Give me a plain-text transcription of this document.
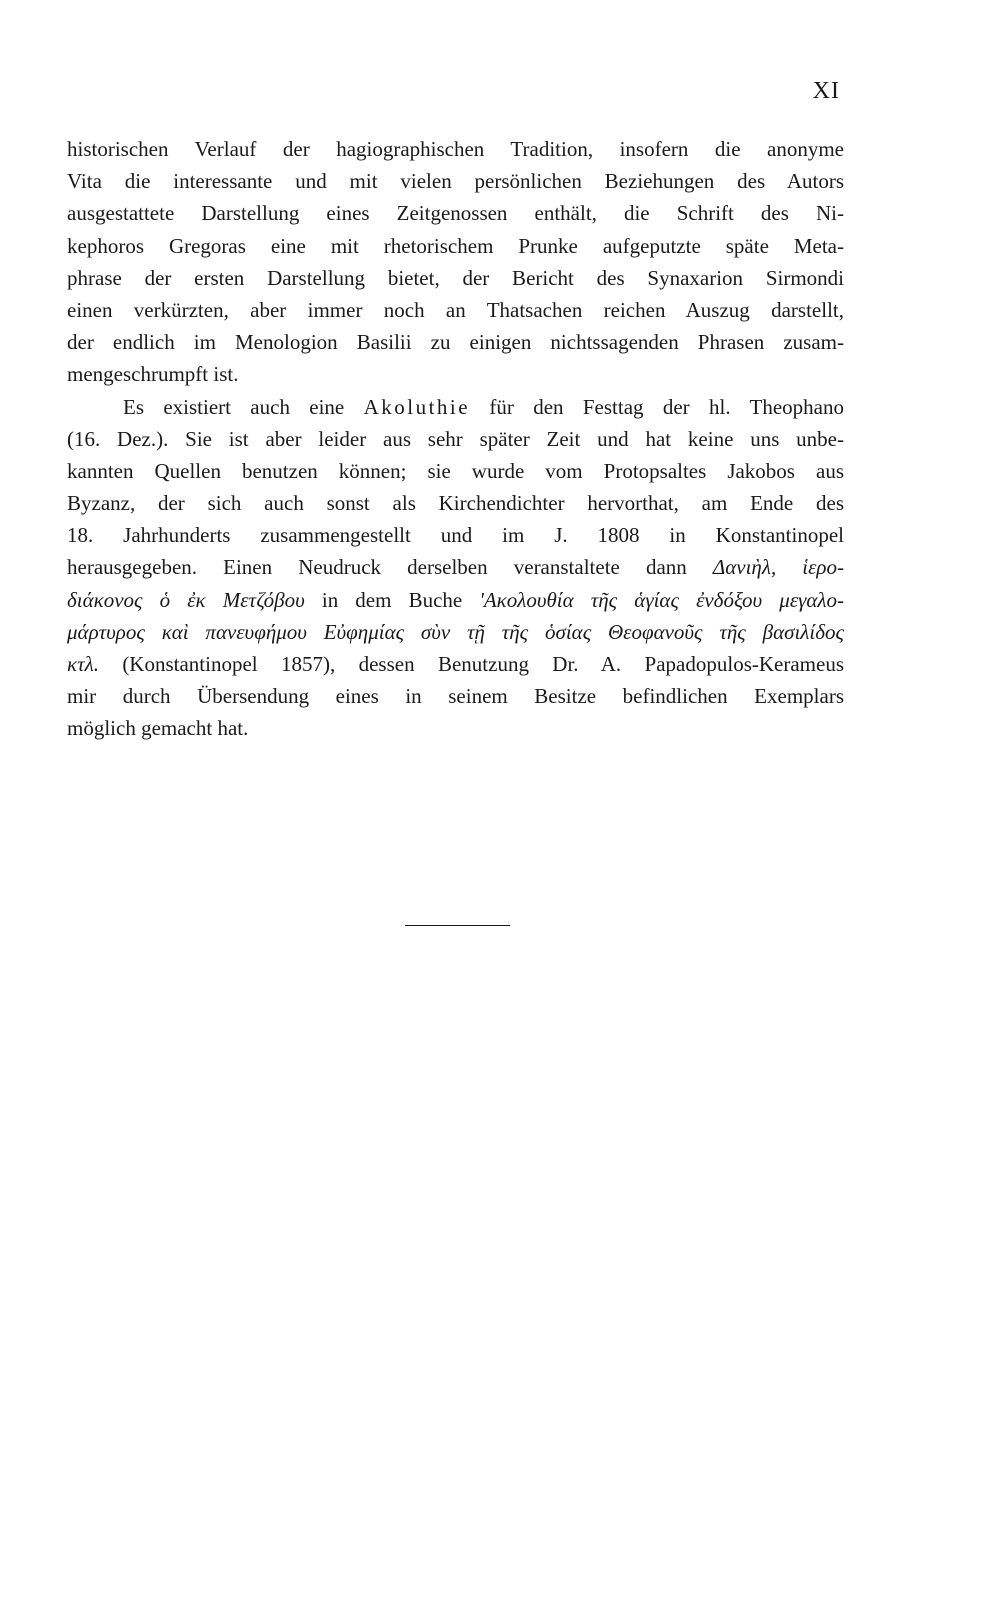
XI
historischen Verlauf der hagiographischen Tradition, insofern die anonyme
Vita die interessante und mit vielen persönlichen Beziehungen des Autors
ausgestattete Darstellung eines Zeitgenossen enthält, die Schrift des Ni-
kephoros Gregoras eine mit rhetorischem Prunke aufgeputzte späte Meta-
phrase der ersten Darstellung bietet, der Bericht des Synaxarion Sirmondi
einen verkürzten, aber immer noch an Thatsachen reichen Auszug darstellt,
der endlich im Menologion Basilii zu einigen nichtssagenden Phrasen zusam-
mengeschrumpft ist.
Es existiert auch eine Akoluthie für den Festtag der hl. Theophano
(16. Dez.). Sie ist aber leider aus sehr später Zeit und hat keine uns unbe-
kannten Quellen benutzen können; sie wurde vom Protopsaltes Jakobos aus
Byzanz, der sich auch sonst als Kirchendichter hervorthat, am Ende des
18. Jahrhunderts zusammengestellt und im J. 1808 in Konstantinopel
herausgegeben. Einen Neudruck derselben veranstaltete dann Δανιὴλ, ἱερο-
διάκονος ὁ ἐκ Μετζόβου in dem Buche 'Ακολουθία τῆς ἁγίας ἐνδόξου μεγαλο-
μάρτυρος καὶ πανευφήμου Εὐφημίας σὺν τῇ τῆς ὁσίας Θεοφανοῦς τῆς βασιλίδος
κτλ. (Konstantinopel 1857), dessen Benutzung Dr. A. Papadopulos-Kerameus
mir durch Übersendung eines in seinem Besitze befindlichen Exemplars
möglich gemacht hat.
